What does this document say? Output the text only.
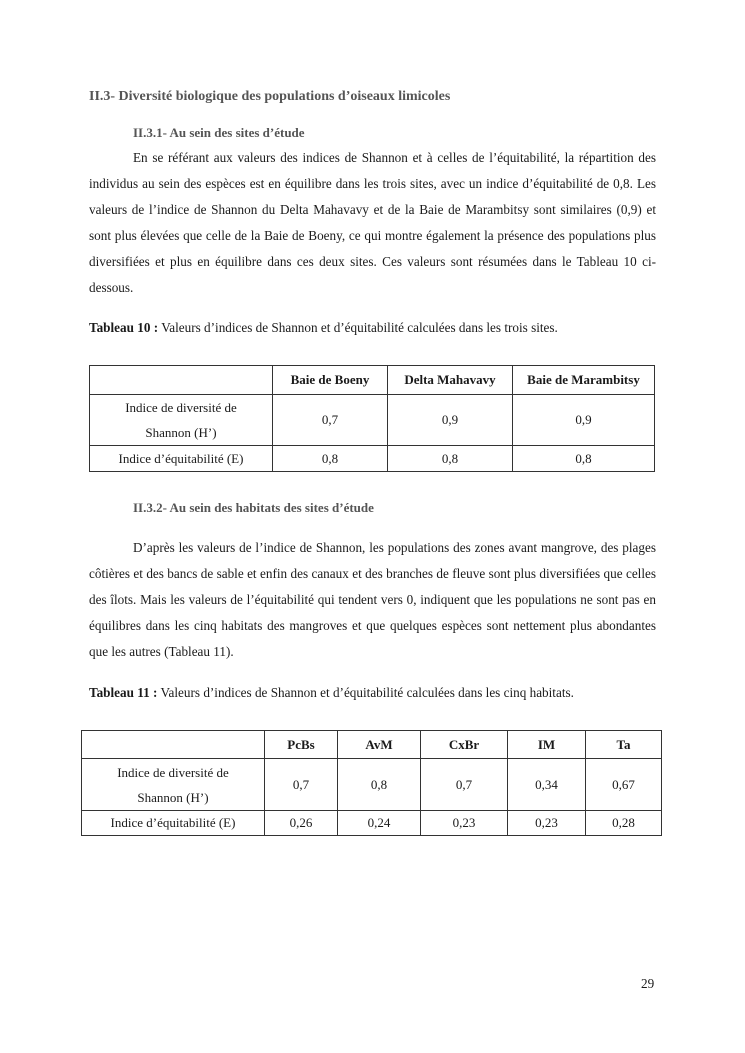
II.3- Diversité biologique des populations d’oiseaux limicoles
II.3.1- Au sein des sites d’étude

En se référant aux valeurs des indices de Shannon et à celles de l’équitabilité, la répartition des individus au sein des espèces est en équilibre dans les trois sites, avec un indice d’équitabilité de 0,8. Les valeurs de l’indice de Shannon du Delta Mahavavy et de la Baie de Marambitsy sont similaires (0,9) et sont plus élevées que celle de la Baie de Boeny, ce qui montre également la présence des populations plus diversifiées et plus en équilibre dans ces deux sites. Ces valeurs sont résumées dans le Tableau 10 ci- dessous.

Tableau 10 : Valeurs d’indices de Shannon et d’équitabilité calculées dans les trois sites.
	Baie de Boeny	Delta Mahavavy	Baie de Marambitsy
Indice de diversité de
Shannon (H’)	0,7	0,9	0,9
Indice d’équitabilité (E)	0,8	0,8	0,8
II.3.2- Au sein des habitats des sites d’étude

D’après les valeurs de l’indice de Shannon, les populations des zones avant mangrove, des plages côtières et des bancs de sable et enfin des canaux et des branches de fleuve sont plus diversifiées que celles des îlots. Mais les valeurs de l’équitabilité qui tendent vers 0, indiquent que les populations ne sont pas en équilibres dans les cinq habitats des mangroves et que quelques espèces sont nettement plus abondantes que les autres (Tableau 11).

Tableau 11 : Valeurs d’indices de Shannon et d’équitabilité calculées dans les cinq habitats.
	PcBs	AvM	CxBr	IM	Ta
Indice de diversité de
Shannon (H’)	0,7	0,8	0,7	0,34	0,67
Indice d’équitabilité (E)	0,26	0,24	0,23	0,23	0,28
29
